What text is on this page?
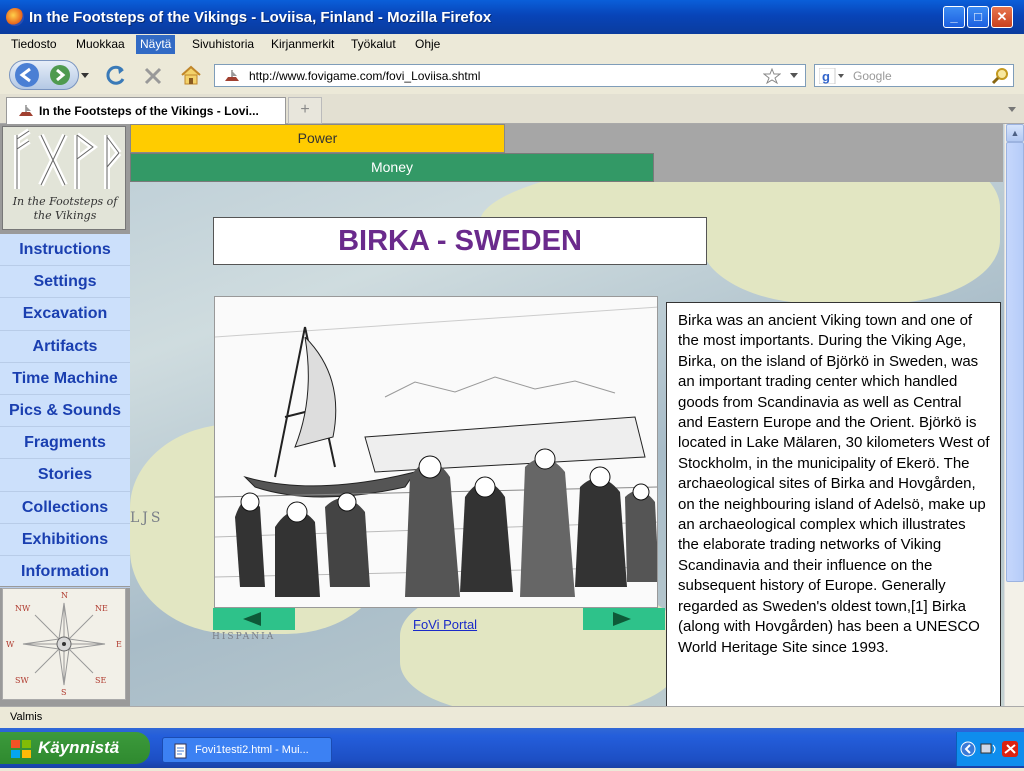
In the Footsteps of the Vikings - Loviisa, Finland - Mozilla Firefox	_	□	✕
Tiedosto Muokkaa	Näytä	Sivuhistoria Kirjanmerkit Työkalut Ohje
http://www.fovigame.com/fovi_Loviisa.shtml	g Google
In the Footsteps of the Vikings - Lovi...	+
LJS
HISPANIA
Power
Money
In the Footsteps of the Vikings
Instructions
Settings
Excavation
Artifacts
Time Machine
Pics & Sounds
Fragments
Stories
Collections
Exhibitions
Information
N
NE
E
SE
S
SW
W
NW
BIRKA - SWEDEN
FoVi Portal
Birka was an ancient Viking town and one of the most importants. During the Viking Age, Birka, on the island of Björkö in Sweden, was an important trading center which handled goods from Scandinavia as well as Central and Eastern Europe and the Orient. Björkö is located in Lake Mälaren, 30 kilometers West of Stockholm, in the municipality of Ekerö. The archaeological sites of Birka and Hovgården, on the neighbouring island of Adelsö, make up an archaeological complex which illustrates the elaborate trading networks of Viking Scandinavia and their influence on the subsequent history of Europe. Generally regarded as Sweden's oldest town,[1] Birka (along with Hovgården) has been a UNESCO World Heritage Site since 1993.
▲
Valmis
Käynnistä	Fovi1testi2.html - Mui...
